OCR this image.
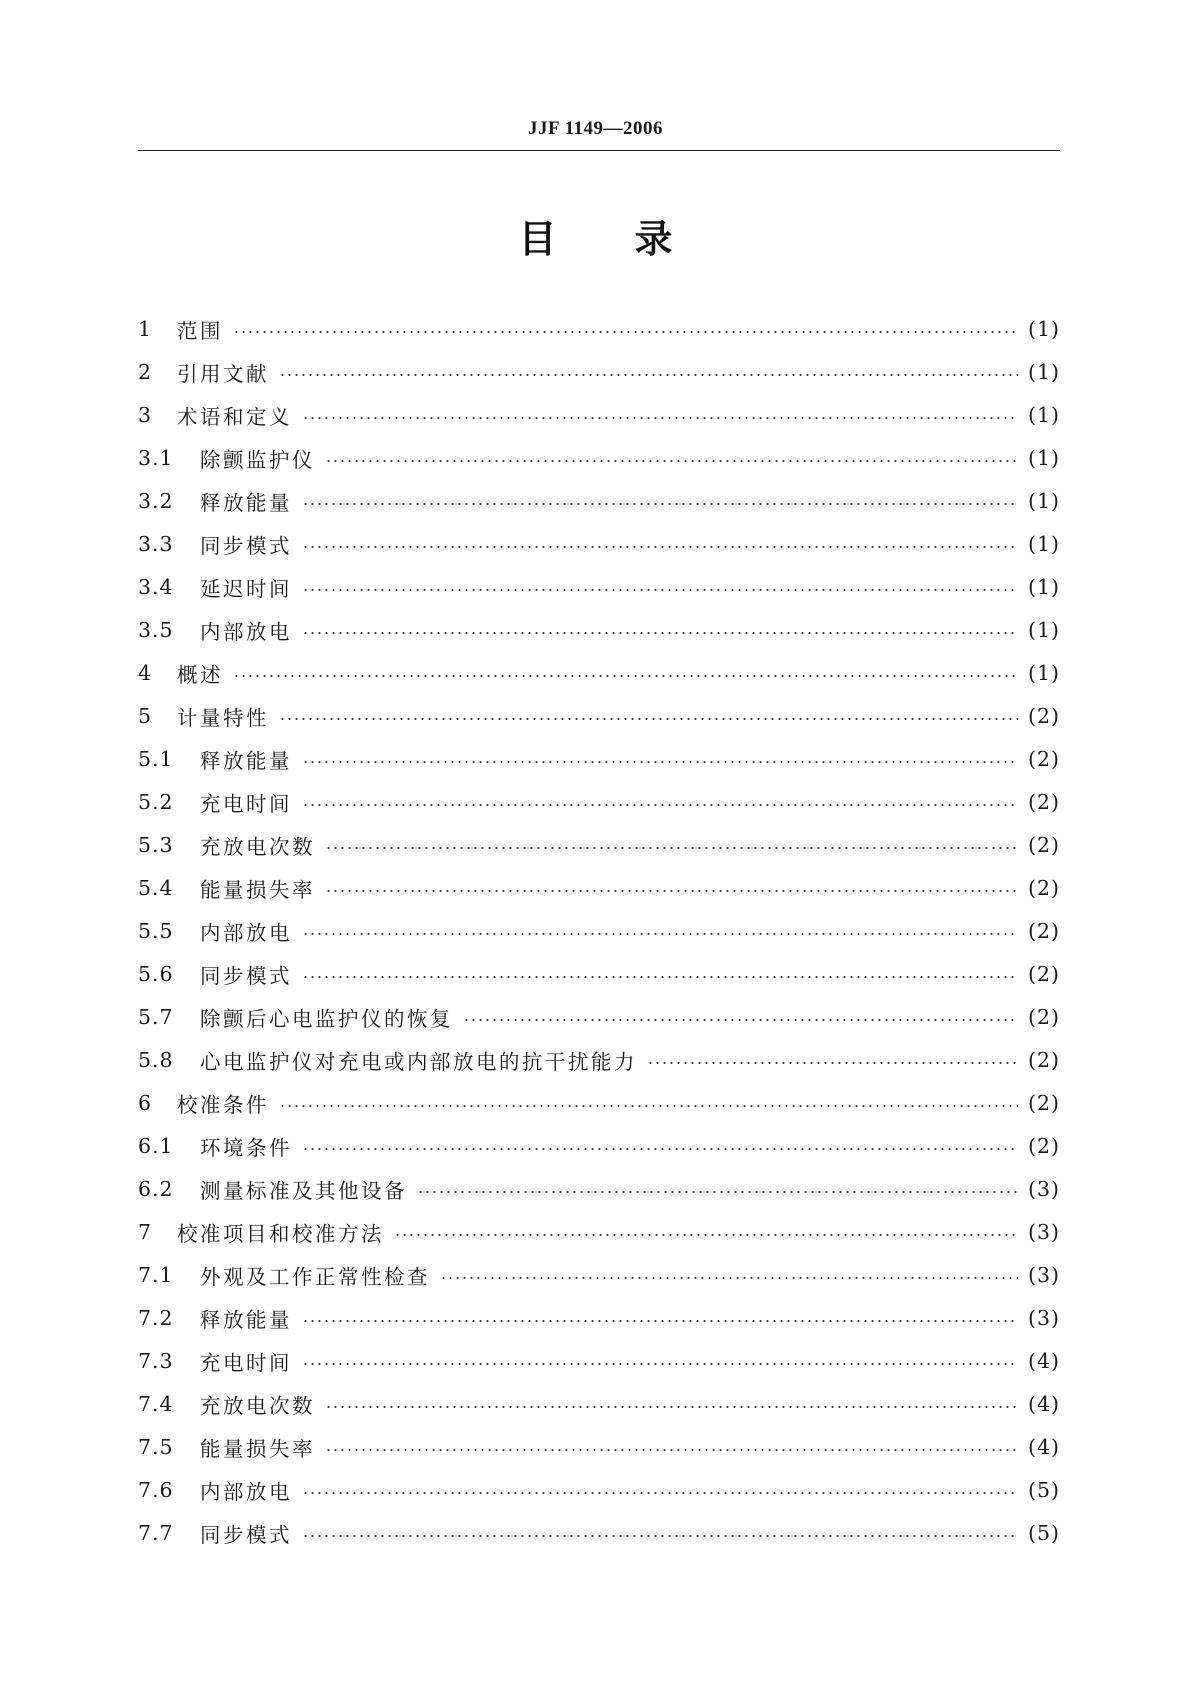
JJF 1149—2006
目录
1	范围	(1)
2	引用文献	(1)
3	术语和定义	(1)
3.1	除颤监护仪	(1)
3.2	释放能量	(1)
3.3	同步模式	(1)
3.4	延迟时间	(1)
3.5	内部放电	(1)
4	概述	(1)
5	计量特性	(2)
5.1	释放能量	(2)
5.2	充电时间	(2)
5.3	充放电次数	(2)
5.4	能量损失率	(2)
5.5	内部放电	(2)
5.6	同步模式	(2)
5.7	除颤后心电监护仪的恢复	(2)
5.8	心电监护仪对充电或内部放电的抗干扰能力	(2)
6	校准条件	(2)
6.1	环境条件	(2)
6.2	测量标准及其他设备	(3)
7	校准项目和校准方法	(3)
7.1	外观及工作正常性检查	(3)
7.2	释放能量	(3)
7.3	充电时间	(4)
7.4	充放电次数	(4)
7.5	能量损失率	(4)
7.6	内部放电	(5)
7.7	同步模式	(5)
